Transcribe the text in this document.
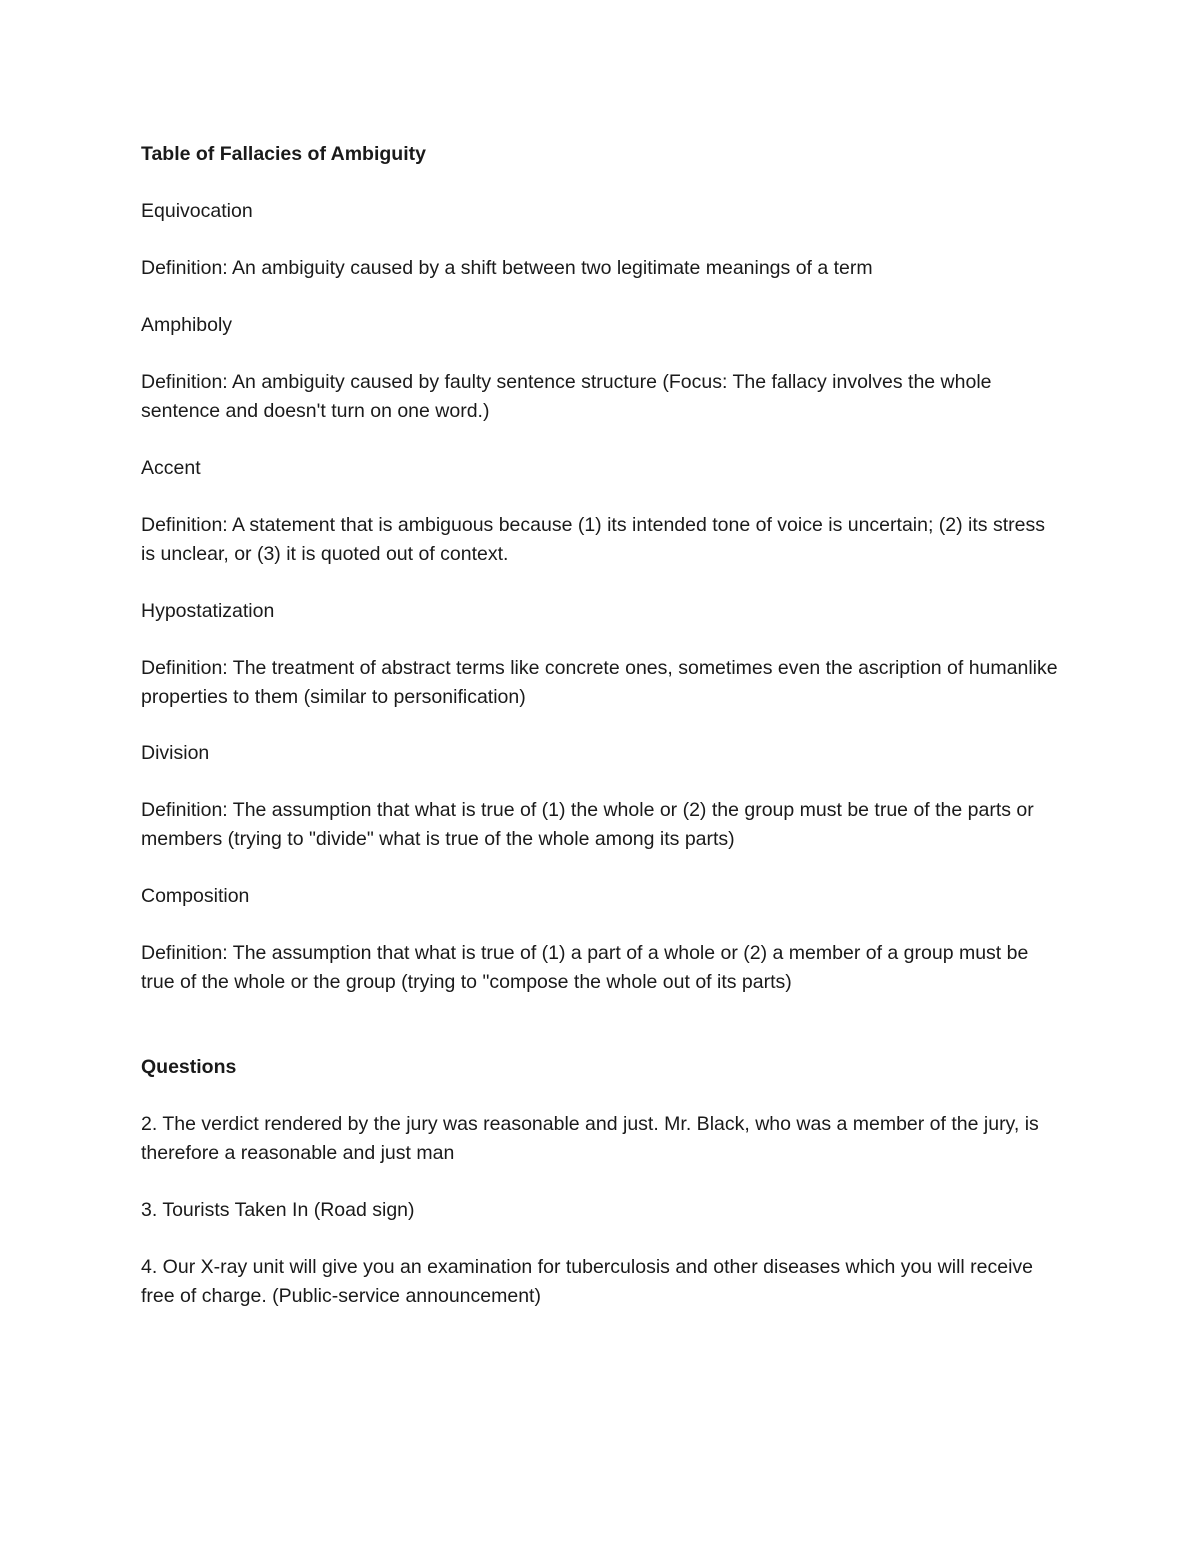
Table of Fallacies of Ambiguity

Equivocation

Definition: An ambiguity caused by a shift between two legitimate meanings of a term

Amphiboly

Definition: An ambiguity caused by faulty sentence structure (Focus: The fallacy involves the whole sentence and doesn't turn on one word.)

Accent

Definition: A statement that is ambiguous because (1) its intended tone of voice is uncertain; (2) its stress is unclear, or (3) it is quoted out of context.

Hypostatization

Definition: The treatment of abstract terms like concrete ones, sometimes even the ascription of humanlike properties to them (similar to personification)

Division

Definition: The assumption that what is true of (1) the whole or (2) the group must be true of the parts or members (trying to "divide" what is true of the whole among its parts)

Composition

Definition: The assumption that what is true of (1) a part of a whole or (2) a member of a group must be true of the whole or the group (trying to "compose the whole out of its parts)

Questions

2. The verdict rendered by the jury was reasonable and just. Mr. Black, who was a member of the jury, is therefore a reasonable and just man

3. Tourists Taken In (Road sign)

4. Our X-ray unit will give you an examination for tuberculosis and other diseases which you will receive free of charge. (Public-service announcement)
